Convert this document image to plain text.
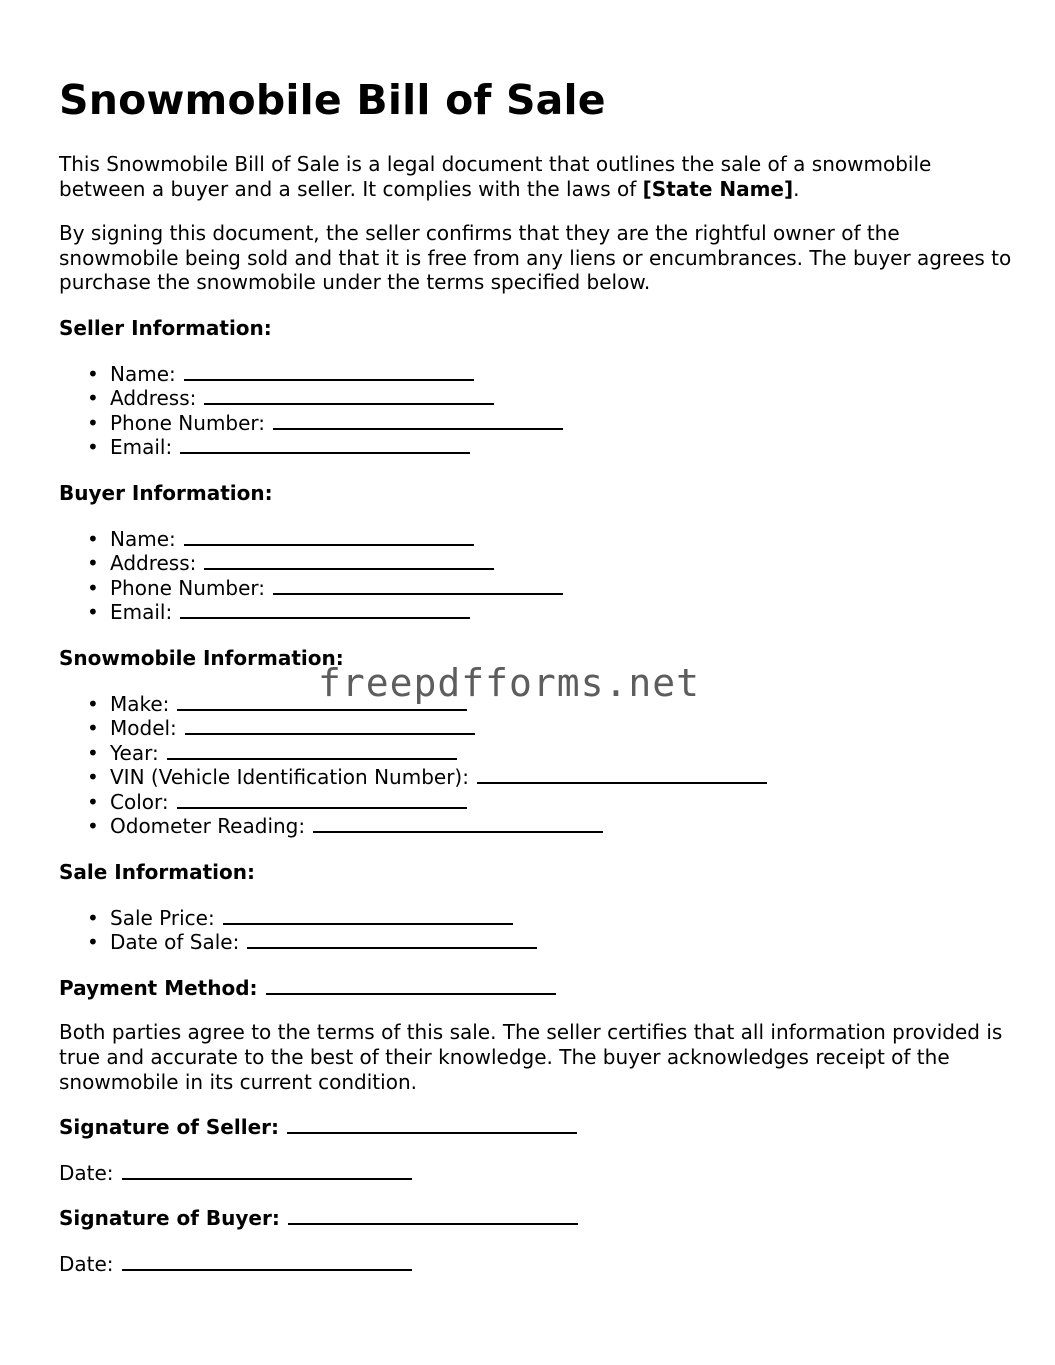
Snowmobile Bill of Sale

This Snowmobile Bill of Sale is a legal document that outlines the sale of a snowmobile between a buyer and a seller. It complies with the laws of [State Name].

By signing this document, the seller confirms that they are the rightful owner of the snowmobile being sold and that it is free from any liens or encumbrances. The buyer agrees to purchase the snowmobile under the terms specified below.

Seller Information:
• Name:
• Address:
• Phone Number:
• Email:
Buyer Information:
• Name:
• Address:
• Phone Number:
• Email:
Snowmobile Information:
• Make:
• Model:
• Year:
• VIN (Vehicle Identification Number):
• Color:
• Odometer Reading:
Sale Information:
• Sale Price:
• Date of Sale:
Payment Method:

Both parties agree to the terms of this sale. The seller certifies that all information provided is true and accurate to the best of their knowledge. The buyer acknowledges receipt of the snowmobile in its current condition.

Signature of Seller:
Date:
Signature of Buyer:
Date:
freepdfforms.net
